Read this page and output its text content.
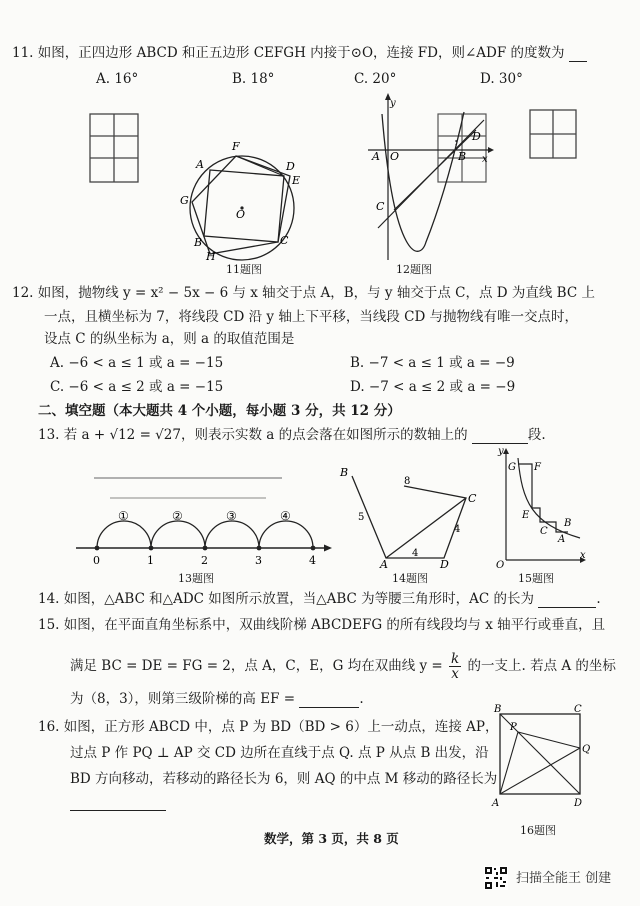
11. 如图，正四边形 ABCD 和正五边形 CEFGH 内接于⊙O，连接 FD，则∠ADF 的度数为
A. 16°	B. 18°	C. 20°	D. 30°
F
A	D
E
G
O
B	C
H
11题图
y
x
A O	B
D
C
12题图
12. 如图，抛物线 y = x² − 5x − 6 与 x 轴交于点 A，B，与 y 轴交于点 C，点 D 为直线 BC 上
一点，且横坐标为 7，将线段 CD 沿 y 轴上下平移，当线段 CD 与抛物线有唯一交点时，
设点 C 的纵坐标为 a，则 a 的取值范围是
A. −6 < a ≤ 1 或 a = −15	B. −7 < a ≤ 1 或 a = −9
C. −6 < a ≤ 2 或 a = −15	D. −7 < a ≤ 2 或 a = −9
二、填空题（本大题共 4 个小题，每小题 3 分，共 12 分）
13. 若 a + √12 = √27，则表示实数 a 的点会落在如图所示的数轴上的	段.
①	②	③	④
0	1	2	3	4
13题图
B
C
A	D
8
5
4
4
14题图
y
x
O
G F
E
C
B
A
15题图
14. 如图，△ABC 和△ADC 如图所示放置，当△ABC 为等腰三角形时，AC 的长为	.
15. 如图，在平面直角坐标系中，双曲线阶梯 ABCDEFG 的所有线段均与 x 轴平行或垂直，且
满足 BC = DE = FG = 2，点 A，C，E，G 均在双曲线 $y = \frac{k}{x}$ 的一支上. 若点 A 的坐标
为（8，3），则第三级阶梯的高 EF =	.
16. 如图，正方形 ABCD 中，点 P 为 BD（BD > 6）上一动点，连接 AP，
过点 P 作 PQ ⊥ AP 交 CD 边所在直线于点 Q. 点 P 从点 B 出发，沿
BD 方向移动，若移动的路径长为 6，则 AQ 的中点 M 移动的路径长为
B	C
P
Q
A	D
16题图
数学，第 3 页，共 8 页
扫描全能王 创建
